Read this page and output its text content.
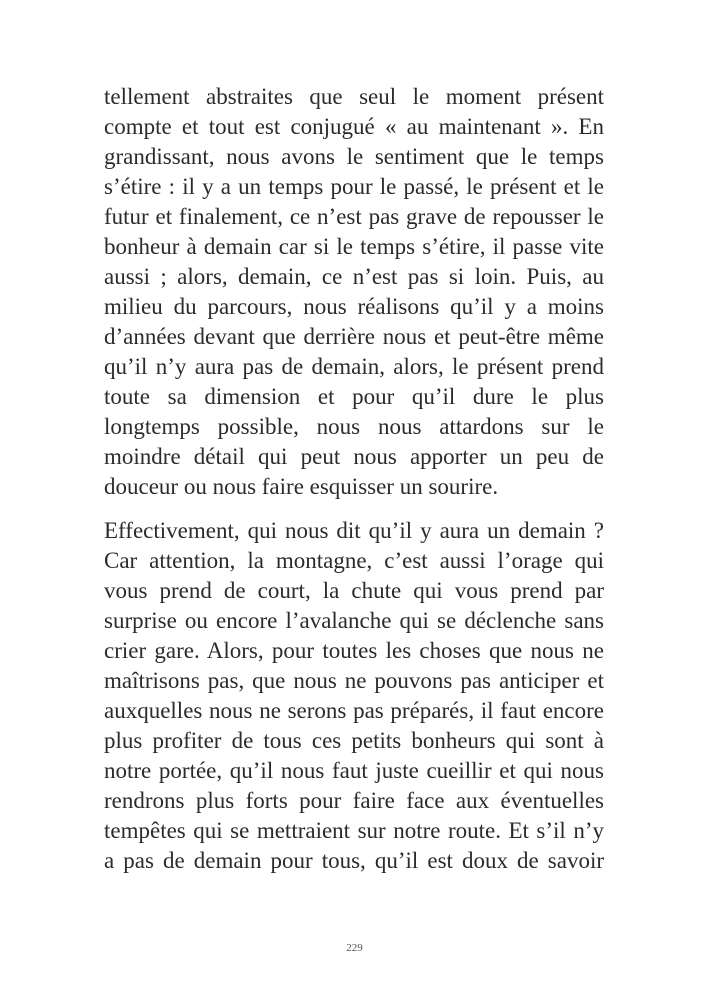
tellement abstraites que seul le moment présent
compte et tout est conjugué « au maintenant ». En
grandissant, nous avons le sentiment que le temps
s’étire : il y a un temps pour le passé, le présent et le
futur et finalement, ce n’est pas grave de repousser le
bonheur à demain car si le temps s’étire, il passe vite
aussi ; alors, demain, ce n’est pas si loin. Puis, au
milieu du parcours, nous réalisons qu’il y a moins
d’années devant que derrière nous et peut-être même
qu’il n’y aura pas de demain, alors, le présent prend
toute sa dimension et pour qu’il dure le plus
longtemps possible, nous nous attardons sur le
moindre détail qui peut nous apporter un peu de
douceur ou nous faire esquisser un sourire.
Effectivement, qui nous dit qu’il y aura un demain ?
Car attention, la montagne, c’est aussi l’orage qui
vous prend de court, la chute qui vous prend par
surprise ou encore l’avalanche qui se déclenche sans
crier gare. Alors, pour toutes les choses que nous ne
maîtrisons pas, que nous ne pouvons pas anticiper et
auxquelles nous ne serons pas préparés, il faut encore
plus profiter de tous ces petits bonheurs qui sont à
notre portée, qu’il nous faut juste cueillir et qui nous
rendrons plus forts pour faire face aux éventuelles
tempêtes qui se mettraient sur notre route. Et s’il n’y
a pas de demain pour tous, qu’il est doux de savoir
229
